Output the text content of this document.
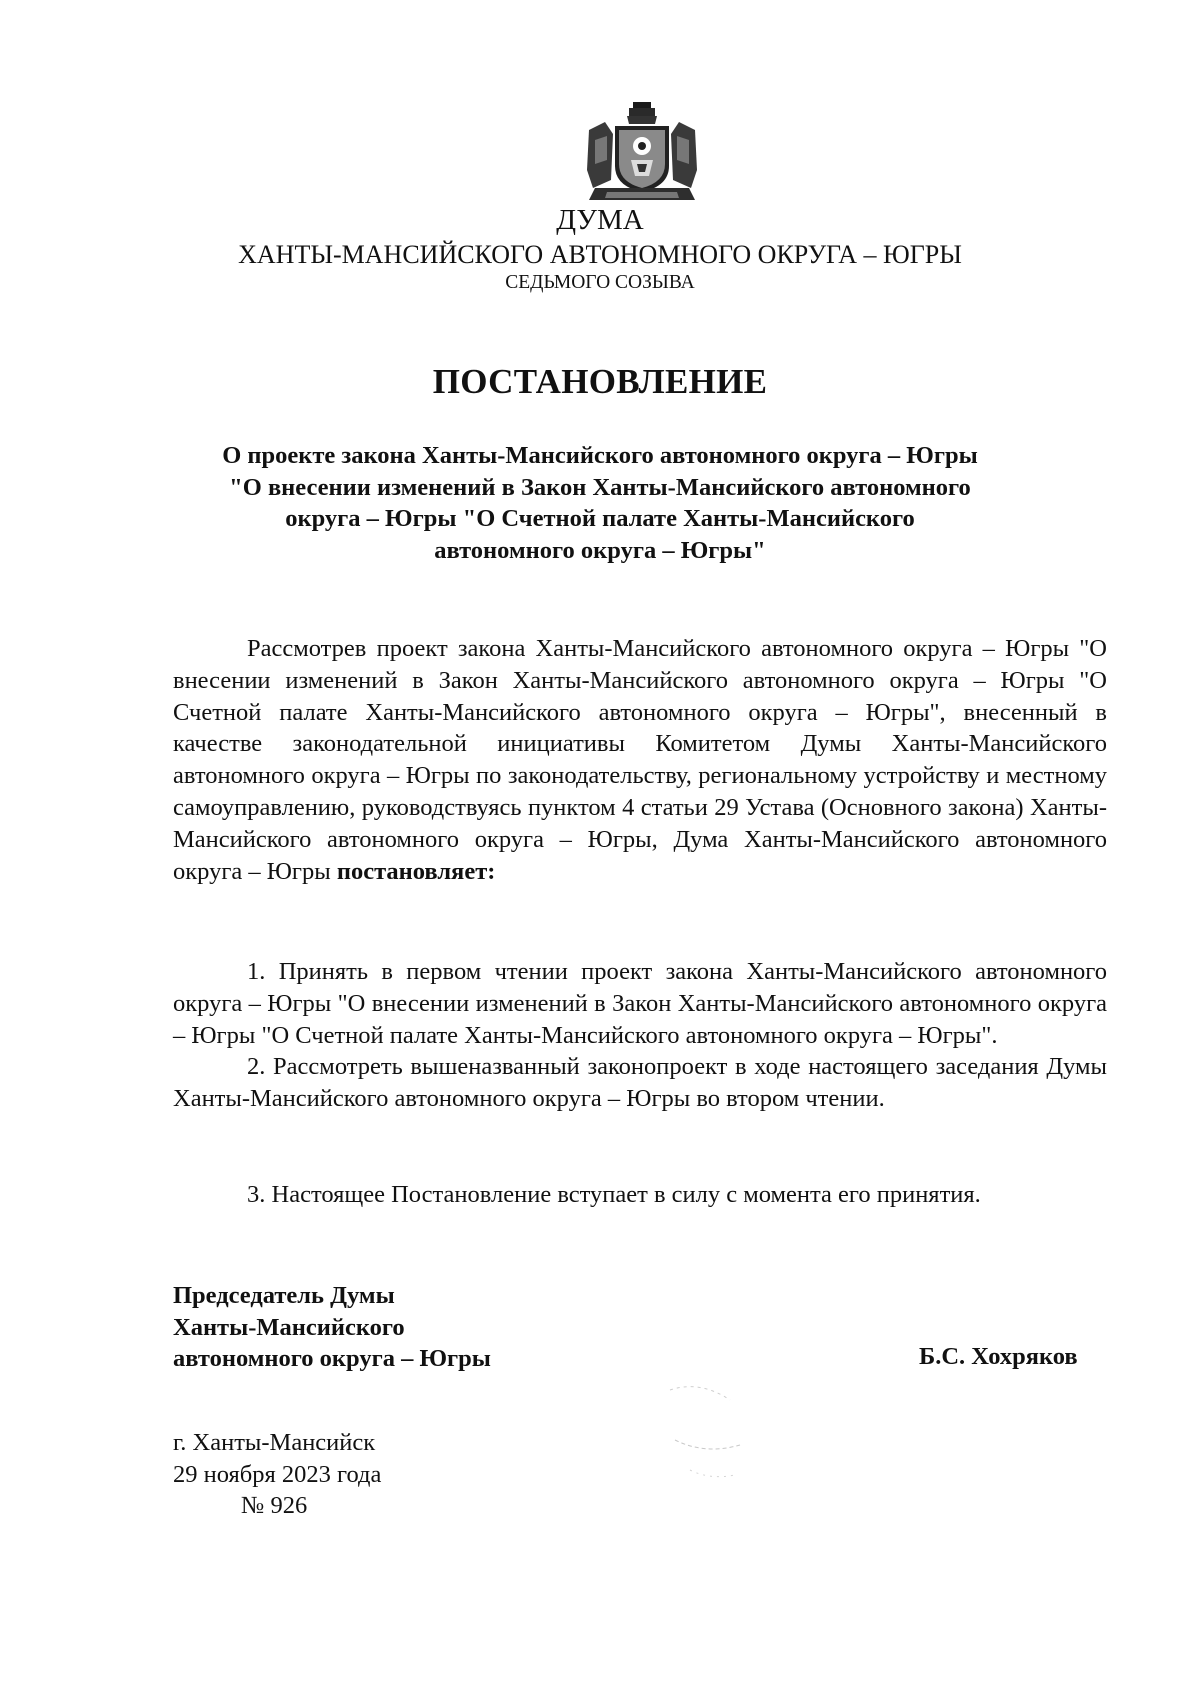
ДУМА
ХАНТЫ-МАНСИЙСКОГО АВТОНОМНОГО ОКРУГА – ЮГРЫ
СЕДЬМОГО СОЗЫВА
ПОСТАНОВЛЕНИЕ
О проекте закона Ханты-Мансийского автономного округа – Югры
"О внесении изменений в Закон Ханты-Мансийского автономного
округа – Югры "О Счетной палате Ханты-Мансийского
автономного округа – Югры"

Рассмотрев проект закона Ханты-Мансийского автономного округа – Югры "О внесении изменений в Закон Ханты-Мансийского автономного округа – Югры "О Счетной палате Ханты-Мансийского автономного округа – Югры", внесенный в качестве законодательной инициативы Комитетом Думы Ханты-Мансийского автономного округа – Югры по законодательству, региональному устройству и местному самоуправлению, руководствуясь пунктом 4 статьи 29 Устава (Основного закона) Ханты-Мансийского автономного округа – Югры, Дума Ханты-Мансийского автономного округа – Югры постановляет:

1. Принять в первом чтении проект закона Ханты-Мансийского автономного округа – Югры "О внесении изменений в Закон Ханты-Мансийского автономного округа – Югры "О Счетной палате Ханты-Мансийского автономного округа – Югры".

2. Рассмотреть вышеназванный законопроект в ходе настоящего заседания Думы Ханты-Мансийского автономного округа – Югры во втором чтении.

3. Настоящее Постановление вступает в силу с момента его принятия.
Председатель Думы
Ханты-Мансийского
автономного округа – Югры	Б.С. Хохряков
г. Ханты-Мансийск
29 ноября 2023 года
№ 926
